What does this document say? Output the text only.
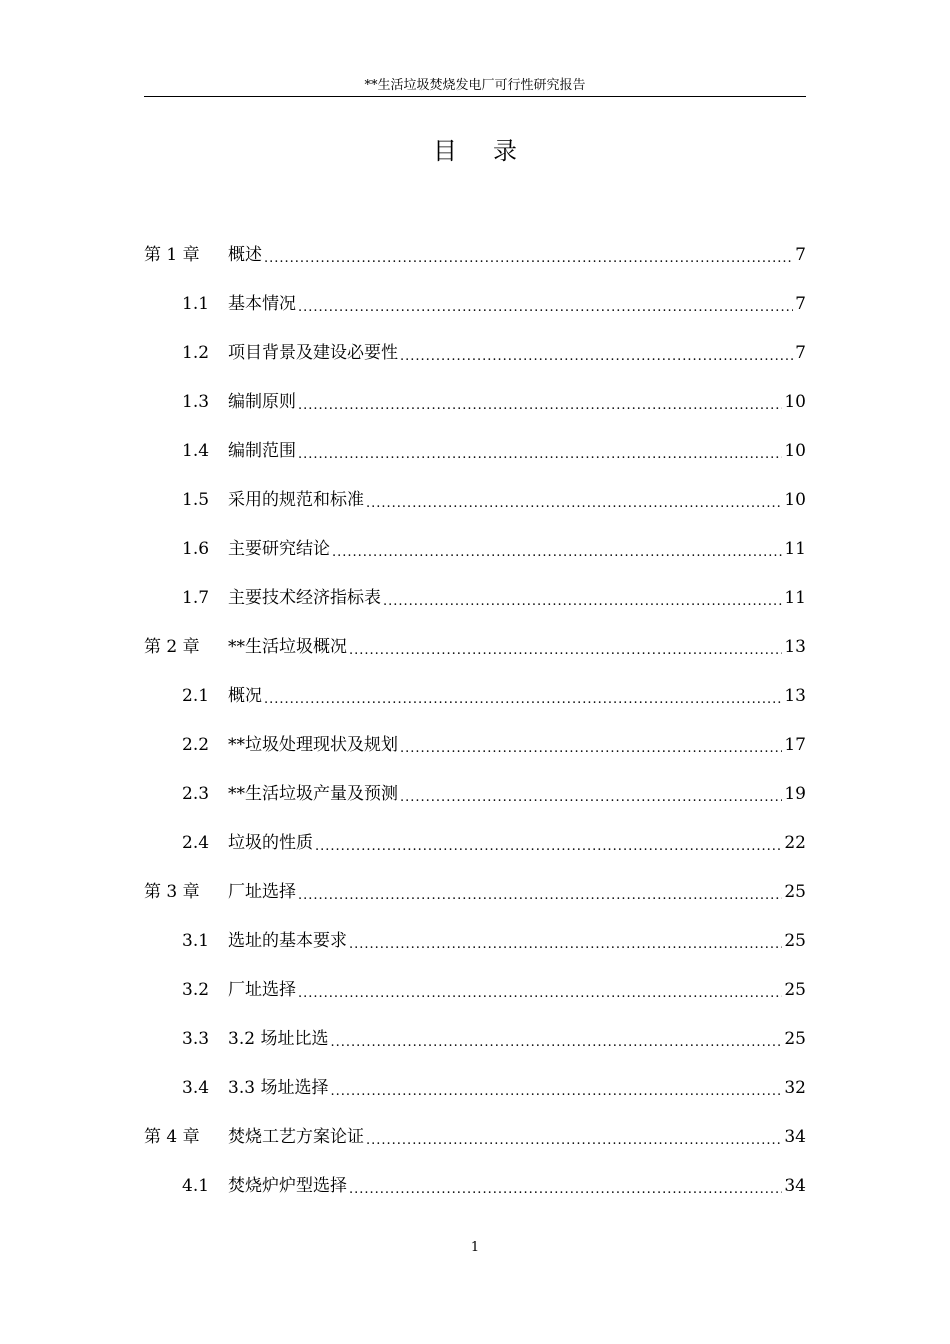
**生活垃圾焚烧发电厂可行性研究报告
目录
第 1 章	概述 .....	7
1.1	基本情况 .....	7
1.2	项目背景及建设必要性 .....	7
1.3	编制原则 .....	10
1.4	编制范围 .....	10
1.5	采用的规范和标准 .....	10
1.6	主要研究结论 .....	11
1.7	主要技术经济指标表 .....	11
第 2 章	**生活垃圾概况 .....	13
2.1	概况 .....	13
2.2	**垃圾处理现状及规划 .....	17
2.3	**生活垃圾产量及预测 .....	19
2.4	垃圾的性质 .....	22
第 3 章	厂址选择 .....	25
3.1	选址的基本要求 .....	25
3.2	厂址选择 .....	25
3.3	3.2 场址比选 .....	25
3.4	3.3 场址选择 .....	32
第 4 章	焚烧工艺方案论证 .....	34
4.1	焚烧炉炉型选择 .....	34
1
